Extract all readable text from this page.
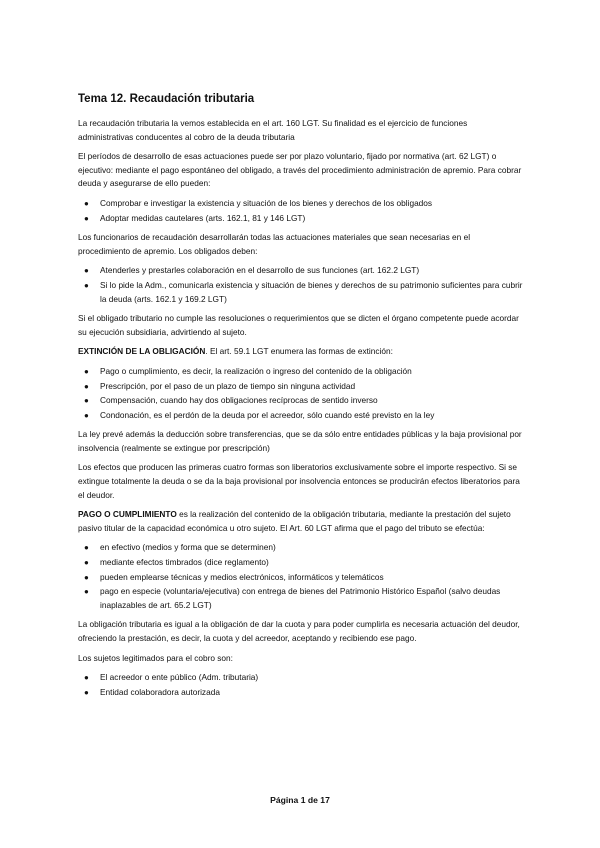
Tema 12. Recaudación tributaria

La recaudación tributaria la vemos establecida en el art. 160 LGT. Su finalidad es el ejercicio de funciones administrativas conducentes al cobro de la deuda tributaria

El períodos de desarrollo de esas actuaciones puede ser por plazo voluntario, fijado por normativa (art. 62 LGT) o ejecutivo: mediante el pago espontáneo del obligado, a través del procedimiento administración de apremio. Para cobrar deuda y asegurarse de ello pueden:

● Comprobar e investigar la existencia y situación de los bienes y derechos de los obligados
● Adoptar medidas cautelares (arts. 162.1, 81 y 146 LGT)

Los funcionarios de recaudación desarrollarán todas las actuaciones materiales que sean necesarias en el procedimiento de apremio. Los obligados deben:

● Atenderles y prestarles colaboración en el desarrollo de sus funciones (art. 162.2 LGT)
● Si lo pide la Adm., comunicarla existencia y situación de bienes y derechos de su patrimonio suficientes para cubrir la deuda (arts. 162.1 y 169.2 LGT)

Si el obligado tributario no cumple las resoluciones o requerimientos que se dicten el órgano competente puede acordar su ejecución subsidiaria, advirtiendo al sujeto.

EXTINCIÓN DE LA OBLIGACIÓN. El art. 59.1 LGT enumera las formas de extinción:

● Pago o cumplimiento, es decir, la realización o ingreso del contenido de la obligación
● Prescripción, por el paso de un plazo de tiempo sin ninguna actividad
● Compensación, cuando hay dos obligaciones recíprocas de sentido inverso
● Condonación, es el perdón de la deuda por el acreedor, sólo cuando esté previsto en la ley

La ley prevé además la deducción sobre transferencias, que se da sólo entre entidades públicas y la baja provisional por insolvencia (realmente se extingue por prescripción)

Los efectos que producen las primeras cuatro formas son liberatorios exclusivamente sobre el importe respectivo. Si se extingue totalmente la deuda o se da la baja provisional por insolvencia entonces se producirán efectos liberatorios para el deudor.

PAGO O CUMPLIMIENTO es la realización del contenido de la obligación tributaria, mediante la prestación del sujeto pasivo titular de la capacidad económica u otro sujeto. El Art. 60 LGT afirma que el pago del tributo se efectúa:

● en efectivo (medios y forma que se determinen)
● mediante efectos timbrados (dice reglamento)
● pueden emplearse técnicas y medios electrónicos, informáticos y telemáticos
● pago en especie (voluntaria/ejecutiva) con entrega de bienes del Patrimonio Histórico Español (salvo deudas inaplazables de art. 65.2 LGT)

La obligación tributaria es igual a la obligación de dar la cuota y para poder cumplirla es necesaria actuación del deudor, ofreciendo la prestación, es decir, la cuota y del acreedor, aceptando y recibiendo ese pago.

Los sujetos legitimados para el cobro son:

● El acreedor o ente público (Adm. tributaria)
● Entidad colaboradora autorizada
Página 1 de 17
